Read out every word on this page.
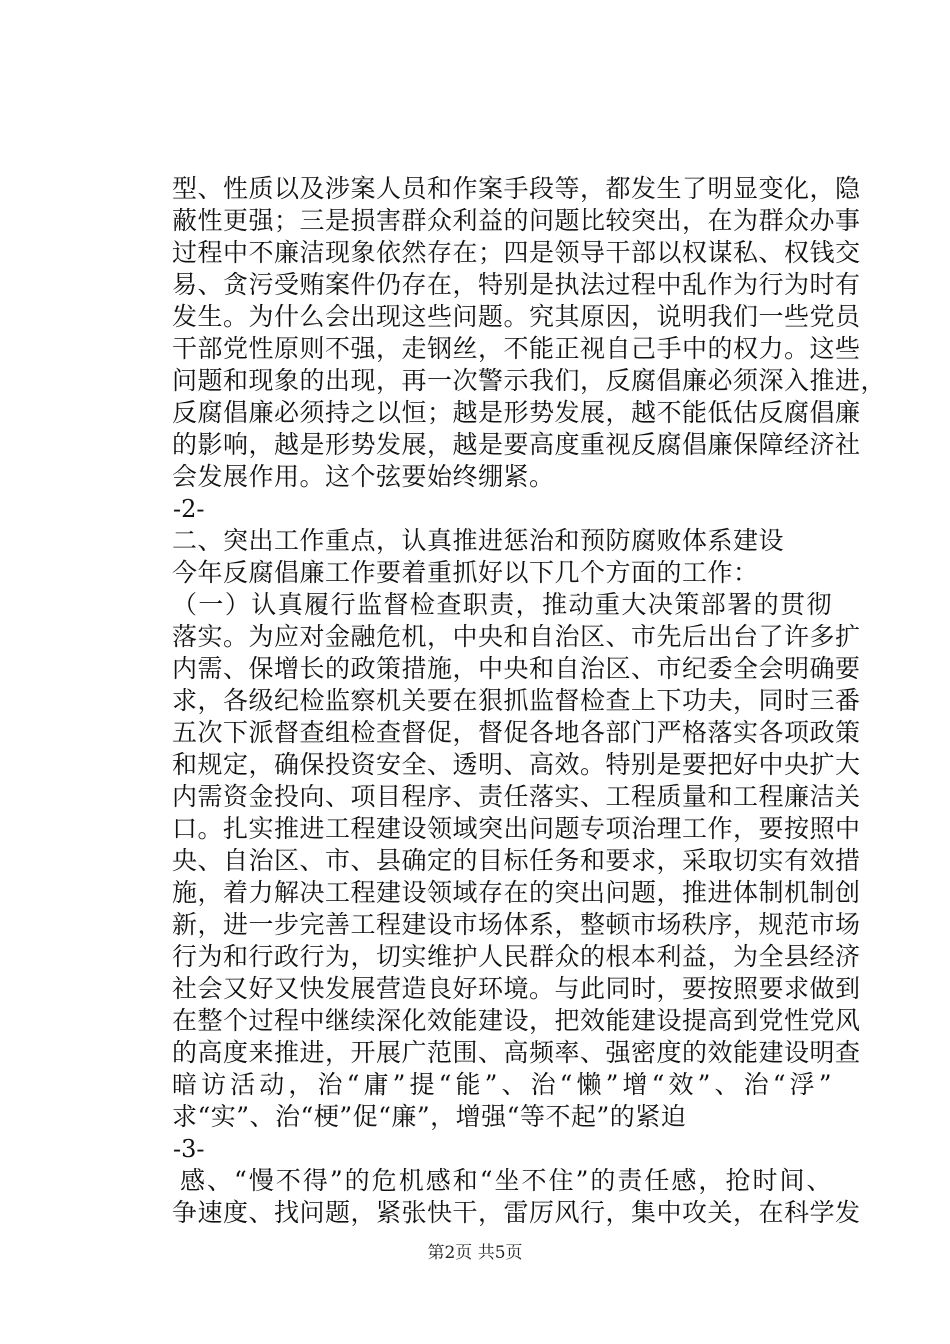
型、性质以及涉案人员和作案手段等，都发生了明显变化，隐
蔽性更强；三是损害群众利益的问题比较突出，在为群众办事
过程中不廉洁现象依然存在；四是领导干部以权谋私、权钱交
易、贪污受贿案件仍存在，特别是执法过程中乱作为行为时有
发生。为什么会出现这些问题。究其原因，说明我们一些党员
干部党性原则不强，走钢丝，不能正视自己手中的权力。这些
问题和现象的出现，再一次警示我们，反腐倡廉必须深入推进，
反腐倡廉必须持之以恒；越是形势发展，越不能低估反腐倡廉
的影响，越是形势发展，越是要高度重视反腐倡廉保障经济社
会发展作用。这个弦要始终绷紧。
-2-
二、突出工作重点，认真推进惩治和预防腐败体系建设
今年反腐倡廉工作要着重抓好以下几个方面的工作：
（一）认真履行监督检查职责，推动重大决策部署的贯彻
落实。为应对金融危机，中央和自治区、市先后出台了许多扩
内需、保增长的政策措施，中央和自治区、市纪委全会明确要
求，各级纪检监察机关要在狠抓监督检查上下功夫，同时三番
五次下派督查组检查督促，督促各地各部门严格落实各项政策
和规定，确保投资安全、透明、高效。特别是要把好中央扩大
内需资金投向、项目程序、责任落实、工程质量和工程廉洁关
口。扎实推进工程建设领域突出问题专项治理工作，要按照中
央、自治区、市、县确定的目标任务和要求，采取切实有效措
施，着力解决工程建设领域存在的突出问题，推进体制机制创
新，进一步完善工程建设市场体系，整顿市场秩序，规范市场
行为和行政行为，切实维护人民群众的根本利益，为全县经济
社会又好又快发展营造良好环境。与此同时，要按照要求做到
在整个过程中继续深化效能建设，把效能建设提高到党性党风
的高度来推进，开展广范围、高频率、强密度的效能建设明查
暗访活动，治“庸”提“能”、治“懒”增“效”、治“浮”
求“实”、治“梗”促“廉”，增强“等不起”的紧迫
-3-
感、“慢不得”的危机感和“坐不住”的责任感，抢时间、
争速度、找问题，紧张快干，雷厉风行，集中攻关，在科学发
第2页 共5页
